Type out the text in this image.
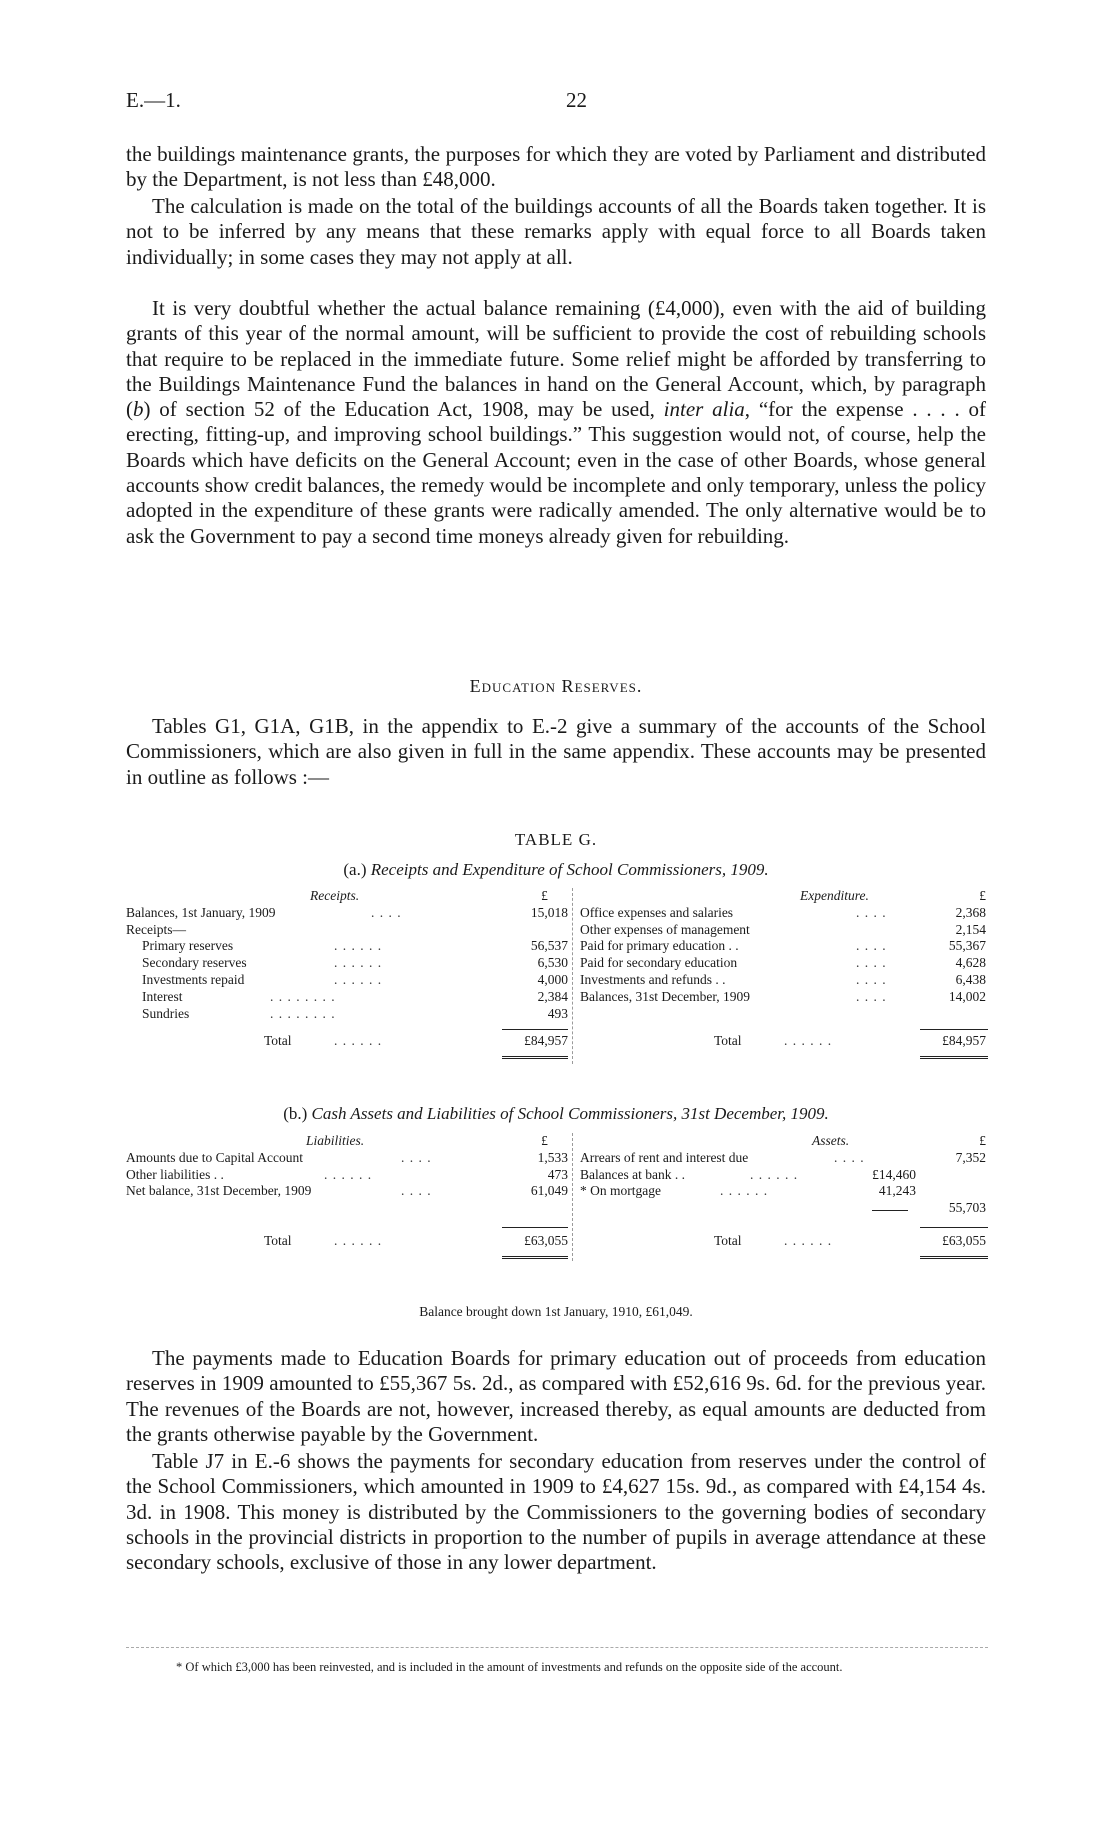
E.—1.	22

the buildings maintenance grants, the purposes for which they are voted by Parliament and distributed by the Department, is not less than £48,000.

The calculation is made on the total of the buildings accounts of all the Boards taken together. It is not to be inferred by any means that these remarks apply with equal force to all Boards taken individually; in some cases they may not apply at all.

It is very doubtful whether the actual balance remaining (£4,000), even with the aid of building grants of this year of the normal amount, will be sufficient to provide the cost of rebuilding schools that require to be replaced in the immediate future. Some relief might be afforded by transferring to the Buildings Maintenance Fund the balances in hand on the General Account, which, by paragraph (b) of section 52 of the Education Act, 1908, may be used, inter alia, “for the expense . . . . of erecting, fitting-up, and improving school buildings.” This suggestion would not, of course, help the Boards which have deficits on the General Account; even in the case of other Boards, whose general accounts show credit balances, the remedy would be incomplete and only temporary, unless the policy adopted in the expenditure of these grants were radically amended. The only alternative would be to ask the Government to pay a second time moneys already given for rebuilding.

Education Reserves.

Tables G1, G1A, G1B, in the appendix to E.-2 give a summary of the accounts of the School Commissioners, which are also given in full in the same appendix. These accounts may be presented in outline as follows :—

TABLE G.
(a.) Receipts and Expenditure of School Commissioners, 1909.
Receipts.	£
Balances, 1st January, 1909	. . . .	15,018
Receipts—
Primary reserves	. . . . . .	56,537
Secondary reserves	. . . . . .	6,530
Investments repaid	. . . . . .	4,000
Interest	. . . . . . . .	2,384
Sundries	. . . . . . . .	493
Total	. . . . . .	£84,957
Expenditure.	£
Office expenses and salaries	. . . .	2,368
Other expenses of management	2,154
Paid for primary education . .	. . . .	55,367
Paid for secondary education	. . . .	4,628
Investments and refunds . .	. . . .	6,438
Balances, 31st December, 1909	. . . .	14,002
Total	. . . . . .	£84,957
(b.) Cash Assets and Liabilities of School Commissioners, 31st December, 1909.
Liabilities.	£
Amounts due to Capital Account	. . . .	1,533
Other liabilities . .	. . . . . .	473
Net balance, 31st December, 1909	. . . .	61,049
Total	. . . . . .	£63,055
Assets.	£
Arrears of rent and interest due	. . . .	7,352
Balances at bank . .	. . . . . .	£14,460
* On mortgage	. . . . . .	41,243
55,703
Total	. . . . . .	£63,055
Balance brought down 1st January, 1910, £61,049.

The payments made to Education Boards for primary education out of proceeds from education reserves in 1909 amounted to £55,367 5s. 2d., as compared with £52,616 9s. 6d. for the previous year. The revenues of the Boards are not, however, increased thereby, as equal amounts are deducted from the grants otherwise payable by the Government.

Table J7 in E.-6 shows the payments for secondary education from reserves under the control of the School Commissioners, which amounted in 1909 to £4,627 15s. 9d., as compared with £4,154 4s. 3d. in 1908. This money is distributed by the Commissioners to the governing bodies of secondary schools in the provincial districts in proportion to the number of pupils in average attendance at these secondary schools, exclusive of those in any lower department.

* Of which £3,000 has been reinvested, and is included in the amount of investments and refunds on the opposite side of the account.
